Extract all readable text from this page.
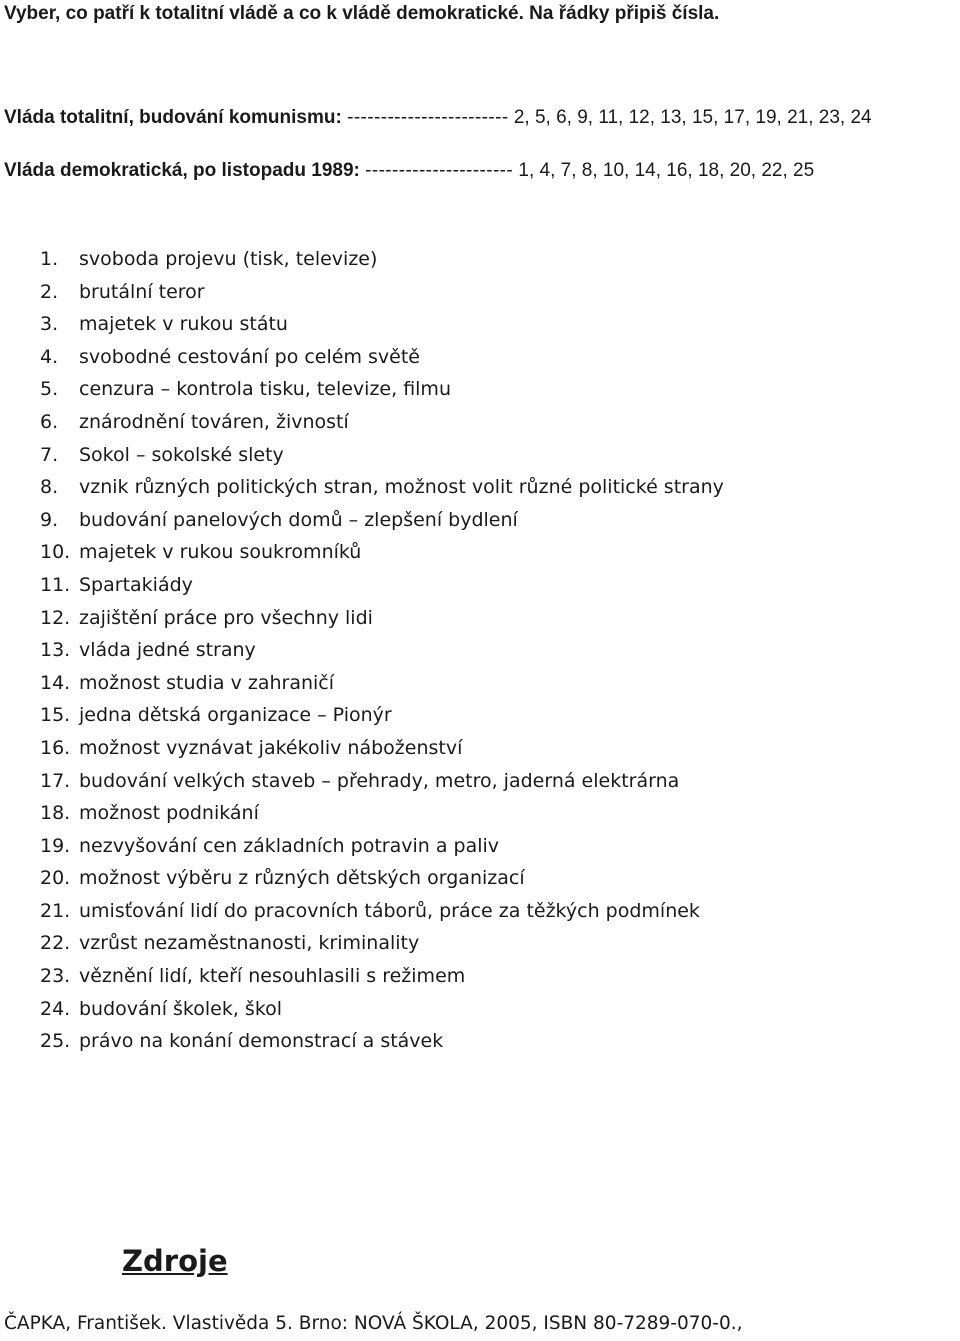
Vyber, co patří k totalitní vládě a co k vládě demokratické. Na řádky připiš čísla.
Vláda totalitní, budování komunismu: ------------------------ 2, 5, 6, 9, 11, 12, 13, 15, 17, 19, 21, 23, 24
Vláda demokratická, po listopadu 1989: ---------------------- 1, 4, 7, 8, 10, 14, 16, 18, 20, 22, 25
1.	svoboda projevu (tisk, televize)
2.	brutální teror
3.	majetek v rukou státu
4.	svobodné cestování po celém světě
5.	cenzura – kontrola tisku, televize, filmu
6.	znárodnění továren, živností
7.	Sokol – sokolské slety
8.	vznik různých politických stran, možnost volit různé politické strany
9.	budování panelových domů – zlepšení bydlení
10. majetek v rukou soukromníků
11. Spartakiády
12. zajištění práce pro všechny lidi
13. vláda jedné strany
14. možnost studia v zahraničí
15. jedna dětská organizace – Pionýr
16. možnost vyznávat jakékoliv náboženství
17. budování velkých staveb – přehrady, metro, jaderná elektrárna
18. možnost podnikání
19. nezvyšování cen základních potravin a paliv
20. možnost výběru z různých dětských organizací
21. umisťování lidí do pracovních táborů, práce za těžkých podmínek
22. vzrůst nezaměstnanosti, kriminality
23. věznění lidí, kteří nesouhlasili s režimem
24. budování školek, škol
25. právo na konání demonstrací a stávek
Zdroje
ČAPKA, František. Vlastivěda 5. Brno: NOVÁ ŠKOLA, 2005, ISBN 80-7289-070-0.,
